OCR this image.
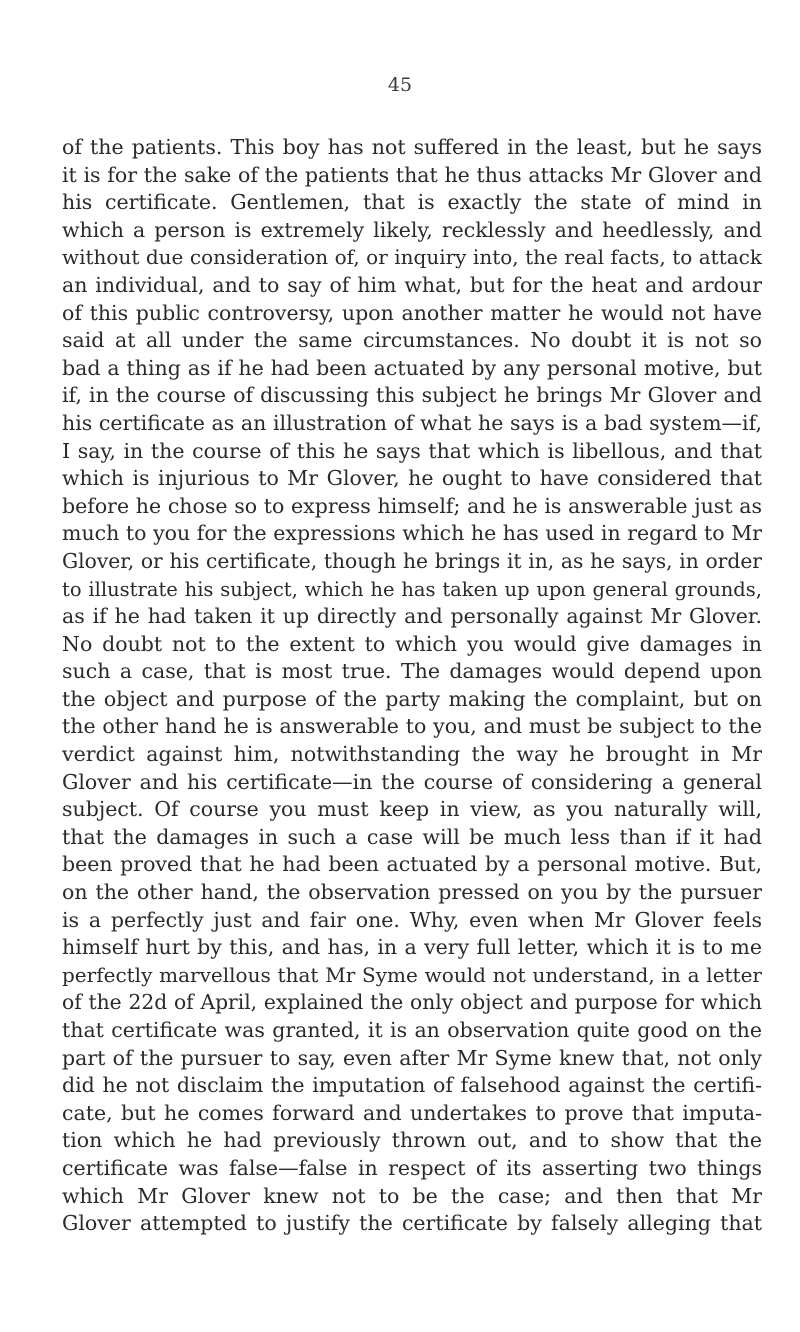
45
of the patients. This boy has not suffered in the least, but he says
it is for the sake of the patients that he thus attacks Mr Glover and
his certificate. Gentlemen, that is exactly the state of mind in
which a person is extremely likely, recklessly and heedlessly, and
without due consideration of, or inquiry into, the real facts, to attack
an individual, and to say of him what, but for the heat and ardour
of this public controversy, upon another matter he would not have
said at all under the same circumstances. No doubt it is not so
bad a thing as if he had been actuated by any personal motive, but
if, in the course of discussing this subject he brings Mr Glover and
his certificate as an illustration of what he says is a bad system—if,
I say, in the course of this he says that which is libellous, and that
which is injurious to Mr Glover, he ought to have considered that
before he chose so to express himself; and he is answerable just as
much to you for the expressions which he has used in regard to Mr
Glover, or his certificate, though he brings it in, as he says, in order
to illustrate his subject, which he has taken up upon general grounds,
as if he had taken it up directly and personally against Mr Glover.
No doubt not to the extent to which you would give damages in
such a case, that is most true. The damages would depend upon
the object and purpose of the party making the complaint, but on
the other hand he is answerable to you, and must be subject to the
verdict against him, notwithstanding the way he brought in Mr
Glover and his certificate—in the course of considering a general
subject. Of course you must keep in view, as you naturally will,
that the damages in such a case will be much less than if it had
been proved that he had been actuated by a personal motive. But,
on the other hand, the observation pressed on you by the pursuer
is a perfectly just and fair one. Why, even when Mr Glover feels
himself hurt by this, and has, in a very full letter, which it is to me
perfectly marvellous that Mr Syme would not understand, in a letter
of the 22d of April, explained the only object and purpose for which
that certificate was granted, it is an observation quite good on the
part of the pursuer to say, even after Mr Syme knew that, not only
did he not disclaim the imputation of falsehood against the certifi-
cate, but he comes forward and undertakes to prove that imputa-
tion which he had previously thrown out, and to show that the
certificate was false—false in respect of its asserting two things
which Mr Glover knew not to be the case; and then that Mr
Glover attempted to justify the certificate by falsely alleging that
